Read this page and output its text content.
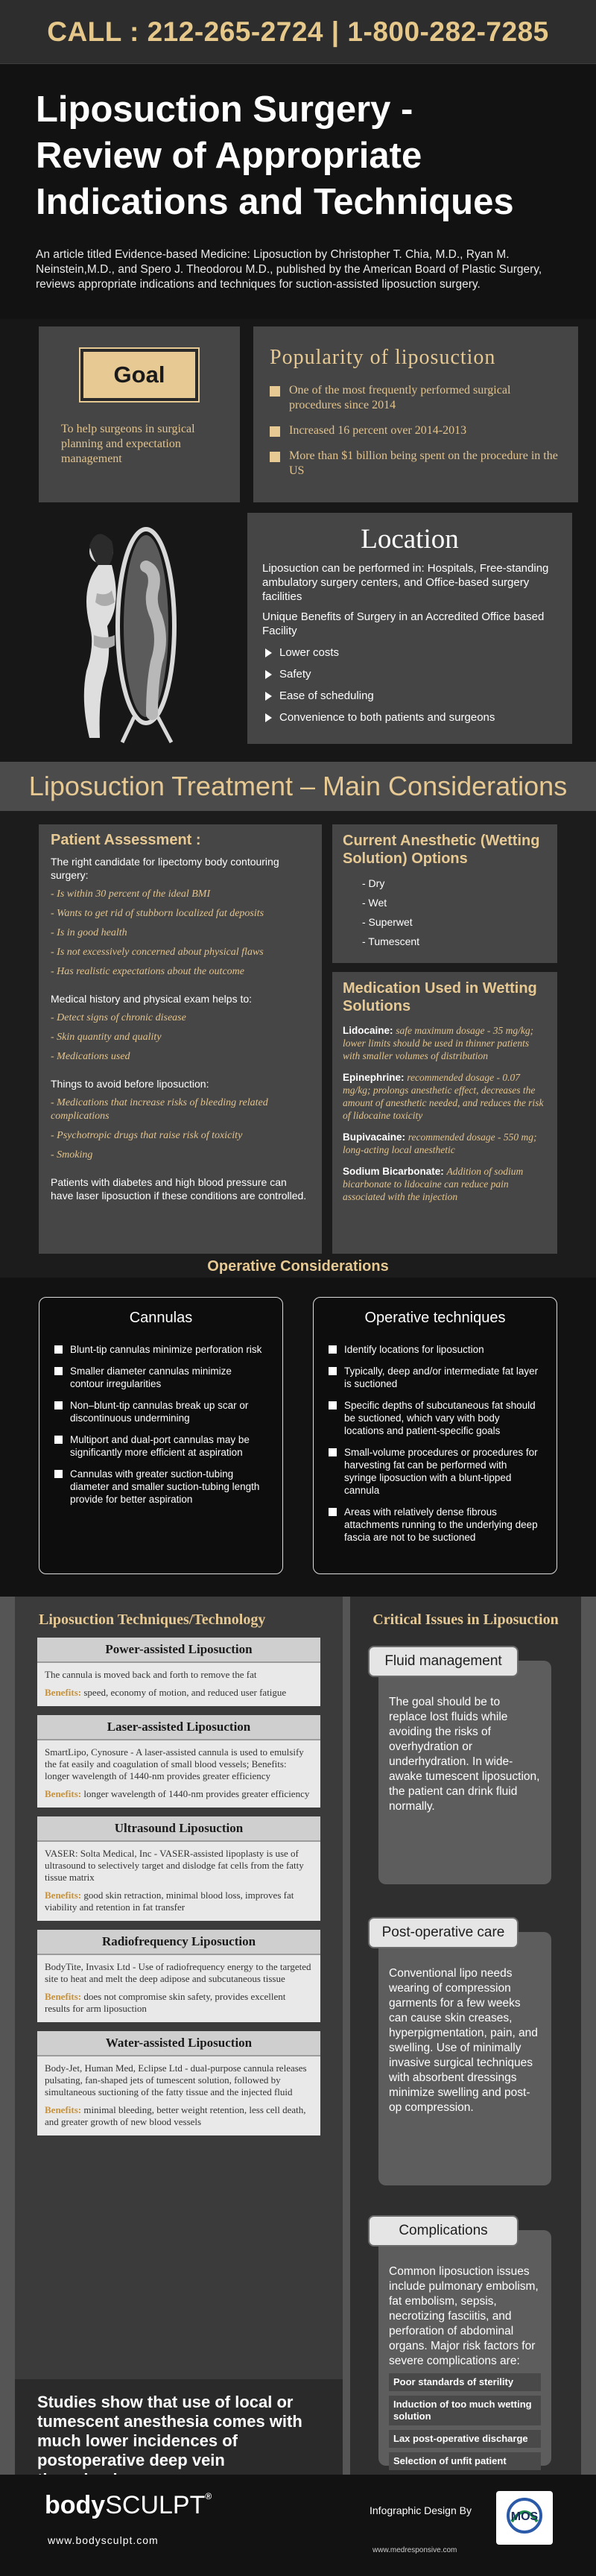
CALL : 212-265-2724 | 1-800-282-7285
Liposuction Surgery -
Review of Appropriate
Indications and Techniques

An article titled Evidence-based Medicine: Liposuction by Christopher T. Chia, M.D., Ryan M. Neinstein,M.D., and Spero J. Theodorou M.D., published by the American Board of Plastic Surgery, reviews appropriate indications and techniques for suction-assisted liposuction surgery.

Goal

To help surgeons in surgical planning and expectation management

Popularity of liposuction
One of the most frequently performed surgical procedures since 2014
Increased 16 percent over 2014-2013
More than $1 billion being spent on the procedure in the US
Location

Liposuction can be performed in: Hospitals, Free-standing ambulatory surgery centers, and Office-based surgery facilities

Unique Benefits of Surgery in an Accredited Office based Facility

Lower costs
Safety
Ease of scheduling
Convenience to both patients and surgeons
Liposuction Treatment – Main Considerations
Patient Assessment :
The right candidate for lipectomy body contouring surgery:
- Is within 30 percent of the ideal BMI
- Wants to get rid of stubborn localized fat deposits
- Is in good health
- Is not excessively concerned about physical flaws
- Has realistic expectations about the outcome
Medical history and physical exam helps to:
- Detect signs of chronic disease
- Skin quantity and quality
- Medications used
Things to avoid before liposuction:
- Medications that increase risks of bleeding related complications
- Psychotropic drugs that raise risk of toxicity
- Smoking
Patients with diabetes and high blood pressure can have laser liposuction if these conditions are controlled.
Current Anesthetic (Wetting Solution) Options
- Dry
- Wet
- Superwet
- Tumescent
Medication Used in Wetting Solutions
Lidocaine: safe maximum dosage - 35 mg/kg; lower limits should be used in thinner patients with smaller volumes of distribution
Epinephrine: recommended dosage - 0.07 mg/kg; prolongs anesthetic effect, decreases the amount of anesthetic needed, and reduces the risk of lidocaine toxicity
Bupivacaine: recommended dosage - 550 mg; long-acting local anesthetic
Sodium Bicarbonate: Addition of sodium bicarbonate to lidocaine can reduce pain associated with the injection
Operative Considerations
Cannulas
Blunt-tip cannulas minimize perforation risk
Smaller diameter cannulas minimize contour irregularities
Non–blunt-tip cannulas break up scar or discontinuous undermining
Multiport and dual-port cannulas may be significantly more efficient at aspiration
Cannulas with greater suction-tubing diameter and smaller suction-tubing length provide for better aspiration
Operative techniques
Identify locations for liposuction
Typically, deep and/or intermediate fat layer is suctioned
Specific depths of subcutaneous fat should be suctioned, which vary with body locations and patient-specific goals
Small-volume procedures or procedures for harvesting fat can be performed with syringe liposuction with a blunt-tipped cannula
Areas with relatively dense fibrous attachments running to the underlying deep fascia are not to be suctioned
Liposuction Techniques/Technology
Power-assisted Liposuction
The cannula is moved back and forth to remove the fat
Benefits: speed, economy of motion, and reduced user fatigue
Laser-assisted Liposuction
SmartLipo, Cynosure - A laser-assisted cannula is used to emulsify the fat easily and coagulation of small blood vessels; Benefits: longer wavelength of 1440-nm provides greater efficiency
Benefits: longer wavelength of 1440-nm provides greater efficiency
Ultrasound Liposuction
VASER: Solta Medical, Inc - VASER-assisted lipoplasty is use of ultrasound to selectively target and dislodge fat cells from the fatty tissue matrix
Benefits: good skin retraction, minimal blood loss, improves fat viability and retention in fat transfer
Radiofrequency Liposuction
BodyTite, Invasix Ltd - Use of radiofrequency energy to the targeted site to heat and melt the deep adipose and subcutaneous tissue
Benefits: does not compromise skin safety, provides excellent results for arm liposuction
Water-assisted Liposuction
Body-Jet, Human Med, Eclipse Ltd - dual-purpose cannula releases pulsating, fan-shaped jets of tumescent solution, followed by simultaneous suctioning of the fatty tissue and the injected fluid
Benefits: minimal bleeding, better weight retention, less cell death, and greater growth of new blood vessels

Studies show that use of local or tumescent anesthesia comes with much lower incidences of postoperative deep vein

Critical Issues in Liposuction
Fluid management

The goal should be to replace lost fluids while avoiding the risks of overhydration or underhydration. In wide-awake tumescent liposuction, the patient can drink fluid normally.

Post-operative care

Conventional lipo needs wearing of compression garments for a few weeks can cause skin creases, hyperpigmentation, pain, and swelling. Use of minimally invasive surgical techniques with absorbent dressings minimize swelling and post-op compression.

Complications

Common liposuction issues include pulmonary embolism, fat embolism, sepsis, necrotizing fasciitis, and perforation of abdominal organs. Major risk factors for severe complications are:

Poor standards of sterility
Induction of too much wetting solution
Lax post-operative discharge
Selection of unfit patient
bodySCULPT®
www.bodysculpt.com
Infographic Design By
www.medresponsive.com
MOS
